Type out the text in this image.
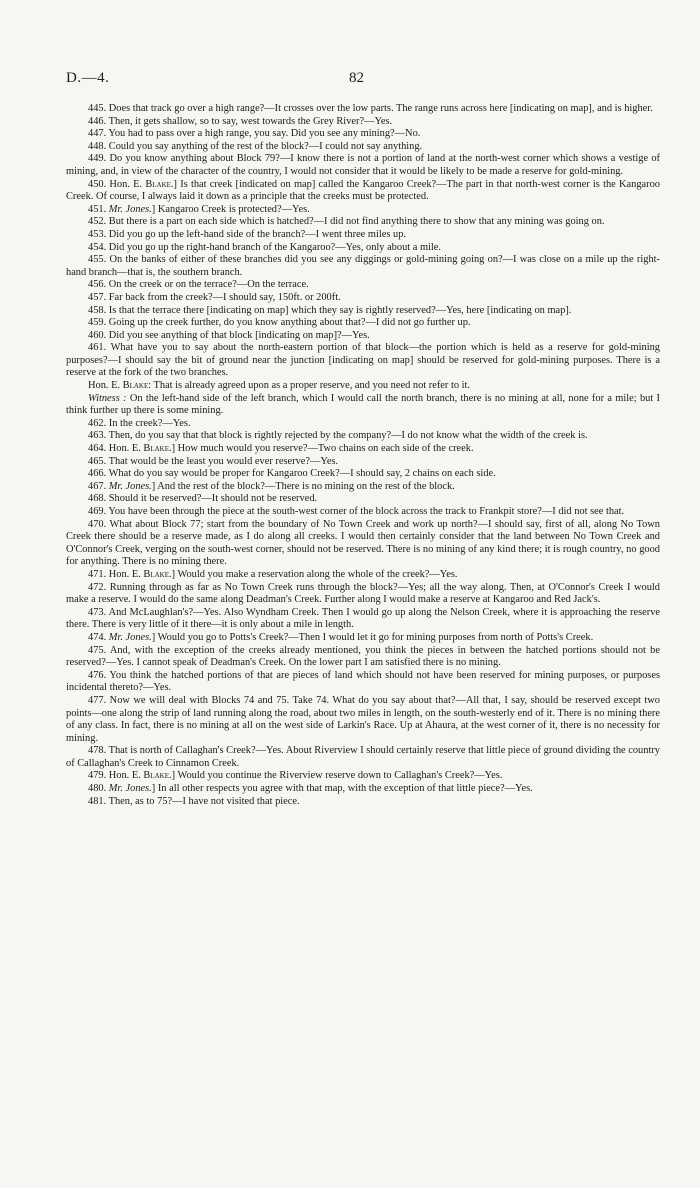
D.—4.	82

445. Does that track go over a high range?—It crosses over the low parts. The range runs across here [indicating on map], and is higher.

446. Then, it gets shallow, so to say, west towards the Grey River?—Yes.

447. You had to pass over a high range, you say. Did you see any mining?—No.

448. Could you say anything of the rest of the block?—I could not say anything.

449. Do you know anything about Block 79?—I know there is not a portion of land at the north-west corner which shows a vestige of mining, and, in view of the character of the country, I would not consider that it would be likely to be made a reserve for gold-mining.

450. Hon. E. Blake.] Is that creek [indicated on map] called the Kangaroo Creek?—The part in that north-west corner is the Kangaroo Creek. Of course, I always laid it down as a principle that the creeks must be protected.

451. Mr. Jones.] Kangaroo Creek is protected?—Yes.

452. But there is a part on each side which is hatched?—I did not find anything there to show that any mining was going on.

453. Did you go up the left-hand side of the branch?—I went three miles up.

454. Did you go up the right-hand branch of the Kangaroo?—Yes, only about a mile.

455. On the banks of either of these branches did you see any diggings or gold-mining going on?—I was close on a mile up the right-hand branch—that is, the southern branch.

456. On the creek or on the terrace?—On the terrace.

457. Far back from the creek?—I should say, 150ft. or 200ft.

458. Is that the terrace there [indicating on map] which they say is rightly reserved?—Yes, here [indicating on map].

459. Going up the creek further, do you know anything about that?—I did not go further up.

460. Did you see anything of that block [indicating on map]?—Yes.

461. What have you to say about the north-eastern portion of that block—the portion which is held as a reserve for gold-mining purposes?—I should say the bit of ground near the junction [indicating on map] should be reserved for gold-mining purposes. There is a reserve at the fork of the two branches.

Hon. E. Blake: That is already agreed upon as a proper reserve, and you need not refer to it.

Witness : On the left-hand side of the left branch, which I would call the north branch, there is no mining at all, none for a mile; but I think further up there is some mining.

462. In the creek?—Yes.

463. Then, do you say that that block is rightly rejected by the company?—I do not know what the width of the creek is.

464. Hon. E. Blake.] How much would you reserve?—Two chains on each side of the creek.

465. That would be the least you would ever reserve?—Yes.

466. What do you say would be proper for Kangaroo Creek?—I should say, 2 chains on each side.

467. Mr. Jones.] And the rest of the block?—There is no mining on the rest of the block.

468. Should it be reserved?—It should not be reserved.

469. You have been through the piece at the south-west corner of the block across the track to Frankpit store?—I did not see that.

470. What about Block 77; start from the boundary of No Town Creek and work up north?—I should say, first of all, along No Town Creek there should be a reserve made, as I do along all creeks. I would then certainly consider that the land between No Town Creek and O'Connor's Creek, verging on the south-west corner, should not be reserved. There is no mining of any kind there; it is rough country, no good for anything. There is no mining there.

471. Hon. E. Blake.] Would you make a reservation along the whole of the creek?—Yes.

472. Running through as far as No Town Creek runs through the block?—Yes; all the way along. Then, at O'Connor's Creek I would make a reserve. I would do the same along Deadman's Creek. Further along I would make a reserve at Kangaroo and Red Jack's.

473. And McLaughlan's?—Yes. Also Wyndham Creek. Then I would go up along the Nelson Creek, where it is approaching the reserve there. There is very little of it there—it is only about a mile in length.

474. Mr. Jones.] Would you go to Potts's Creek?—Then I would let it go for mining purposes from north of Potts's Creek.

475. And, with the exception of the creeks already mentioned, you think the pieces in between the hatched portions should not be reserved?—Yes. I cannot speak of Deadman's Creek. On the lower part I am satisfied there is no mining.

476. You think the hatched portions of that are pieces of land which should not have been reserved for mining purposes, or purposes incidental thereto?—Yes.

477. Now we will deal with Blocks 74 and 75. Take 74. What do you say about that?—All that, I say, should be reserved except two points—one along the strip of land running along the road, about two miles in length, on the south-westerly end of it. There is no mining there of any class. In fact, there is no mining at all on the west side of Larkin's Race. Up at Ahaura, at the west corner of it, there is no necessity for mining.

478. That is north of Callaghan's Creek?—Yes. About Riverview I should certainly reserve that little piece of ground dividing the country of Callaghan's Creek to Cinnamon Creek.

479. Hon. E. Blake.] Would you continue the Riverview reserve down to Callaghan's Creek?—Yes.

480. Mr. Jones.] In all other respects you agree with that map, with the exception of that little piece?—Yes.

481. Then, as to 75?—I have not visited that piece.
